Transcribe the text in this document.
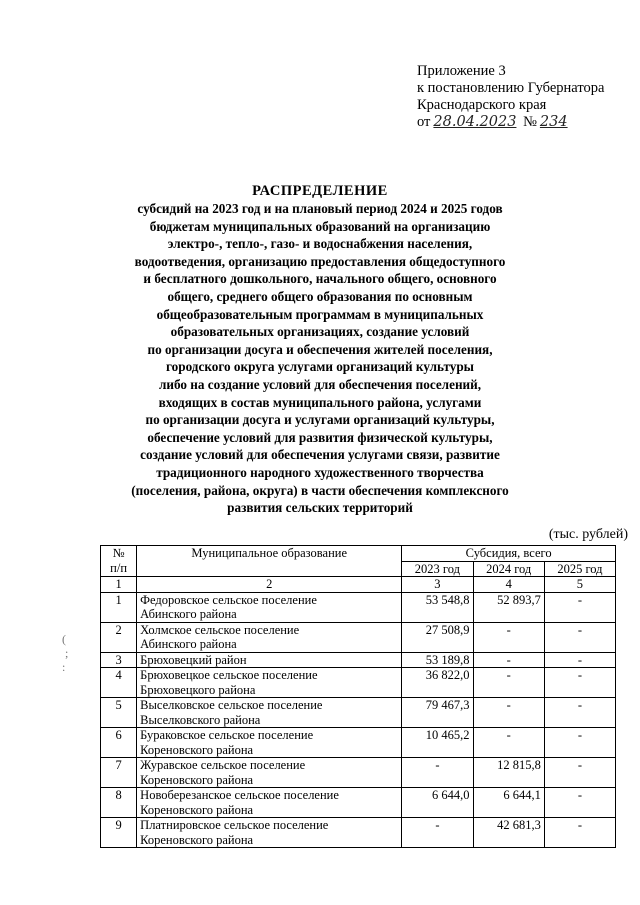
Приложение 3
к постановлению Губернатора
Краснодарского края
от 28.04.2023 № 234
РАСПРЕДЕЛЕНИЕ
субсидий на 2023 год и на плановый период 2024 и 2025 годов
бюджетам муниципальных образований на организацию
электро-, тепло-, газо- и водоснабжения населения,
водоотведения, организацию предоставления общедоступного
и бесплатного дошкольного, начального общего, основного
общего, среднего общего образования по основным
общеобразовательным программам в муниципальных
образовательных организациях, создание условий
по организации досуга и обеспечения жителей поселения,
городского округа услугами организаций культуры
либо на создание условий для обеспечения поселений,
входящих в состав муниципального района, услугами
по организации досуга и услугами организаций культуры,
обеспечение условий для развития физической культуры,
создание условий для обеспечения услугами связи, развитие
традиционного народного художественного творчества
(поселения, района, округа) в части обеспечения комплексного
развития сельских территорий
(тыс. рублей)
(
;
:
№
п/п	Муниципальное образование	Субсидия, всего		
		2023 год	2024 год	2025 год
1	2	3	4	5
1	Федоровское сельское поселение
Абинского района	53 548,8	52 893,7	-
2	Холмское сельское поселение
Абинского района	27 508,9	-	-
3	Брюховецкий район	53 189,8	-	-
4	Брюховецкое сельское поселение
Брюховецкого района	36 822,0	-	-
5	Выселковское сельское поселение
Выселковского района	79 467,3	-	-
6	Бураковское сельское поселение
Кореновского района	10 465,2	-	-
7	Журавское сельское поселение
Кореновского района	-	12 815,8	-
8	Новоберезанское сельское поселение
Кореновского района	6 644,0	6 644,1	-
9	Платнировское сельское поселение
Кореновского района	-	42 681,3	-
